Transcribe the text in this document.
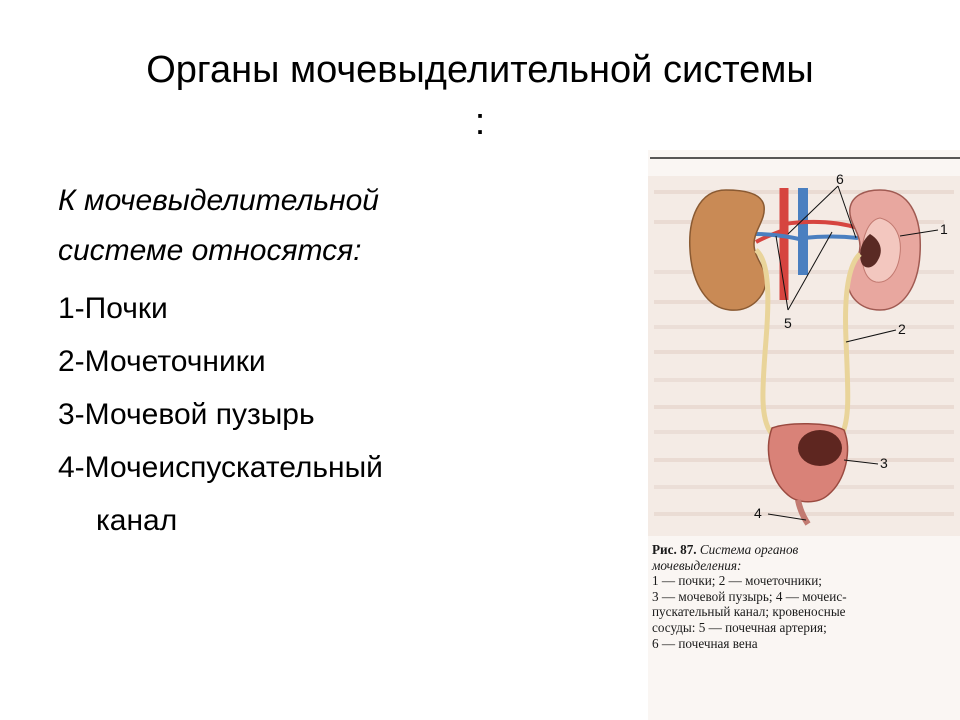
Органы мочевыделительной системы
:
К мочевыделительной
системе относятся:
1-Почки
2-Мочеточники
3-Мочевой пузырь
4-Мочеиспускательный
канал
1
2
3
4
5
6
Рис. 87. Система органов
мочевыделения:
1 — почки; 2 — мочеточники;
3 — мочевой пузырь; 4 — мочеис-
пускательный канал; кровеносные
сосуды: 5 — почечная артерия;
6 — почечная вена
